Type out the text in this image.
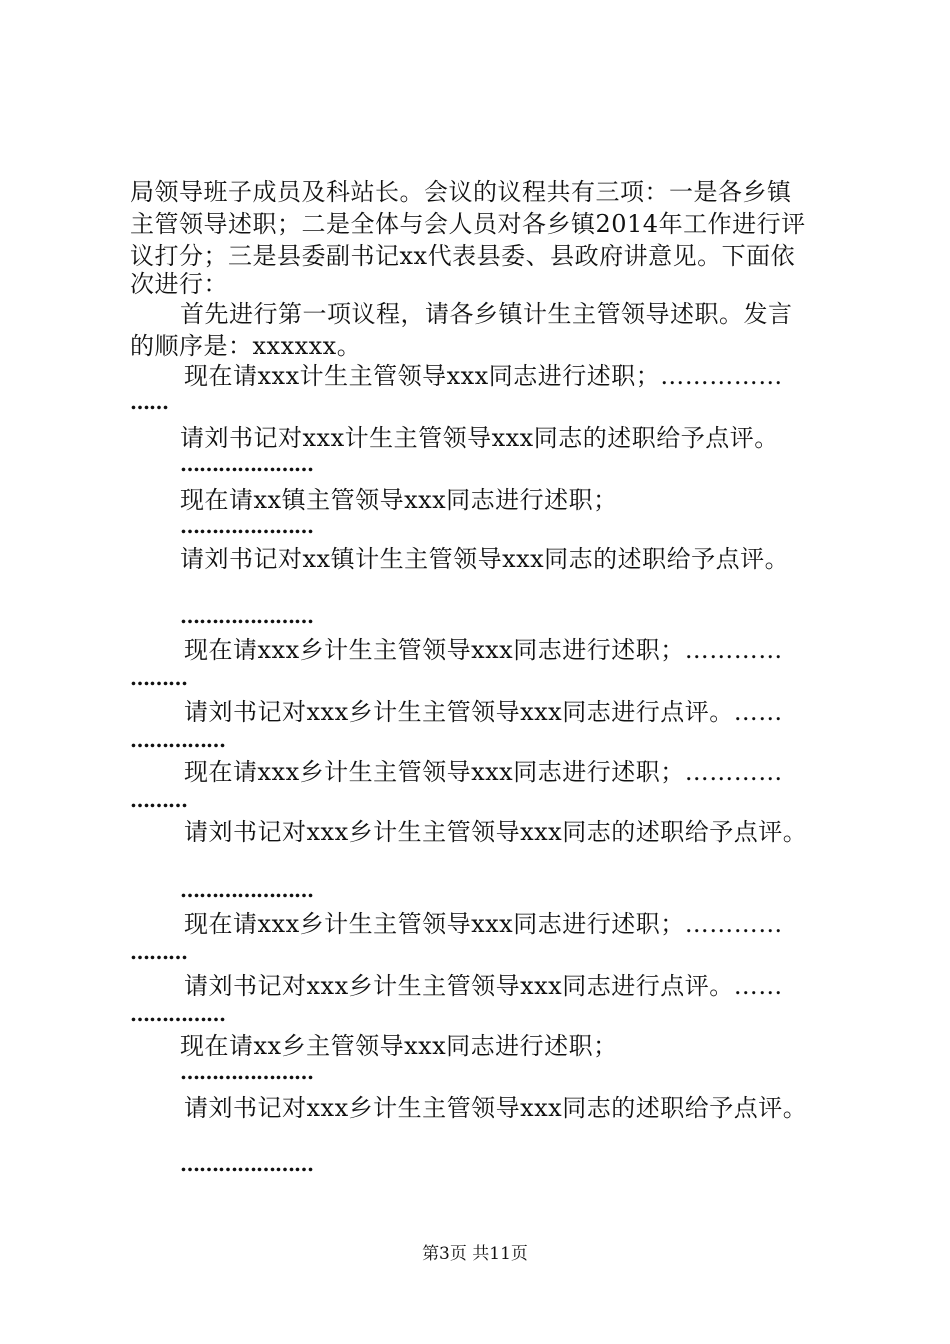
局领导班子成员及科站长。会议的议程共有三项：一是各乡镇
主管领导述职；二是全体与会人员对各乡镇2014年工作进行评
议打分；三是县委副书记xx代表县委、县政府讲意见。下面依
次进行：
首先进行第一项议程，请各乡镇计生主管领导述职。发言
的顺序是：xxxxxx。
现在请xxx计生主管领导xxx同志进行述职；……………
……
请刘书记对xxx计生主管领导xxx同志的述职给予点评。
…………………
现在请xx镇主管领导xxx同志进行述职；
…………………
请刘书记对xx镇计生主管领导xxx同志的述职给予点评。
…………………
现在请xxx乡计生主管领导xxx同志进行述职；…………
………
请刘书记对xxx乡计生主管领导xxx同志进行点评。……
……………
现在请xxx乡计生主管领导xxx同志进行述职；…………
………
请刘书记对xxx乡计生主管领导xxx同志的述职给予点评。
…………………
现在请xxx乡计生主管领导xxx同志进行述职；…………
………
请刘书记对xxx乡计生主管领导xxx同志进行点评。……
……………
现在请xx乡主管领导xxx同志进行述职；
…………………
请刘书记对xxx乡计生主管领导xxx同志的述职给予点评。
…………………
第3页 共11页
